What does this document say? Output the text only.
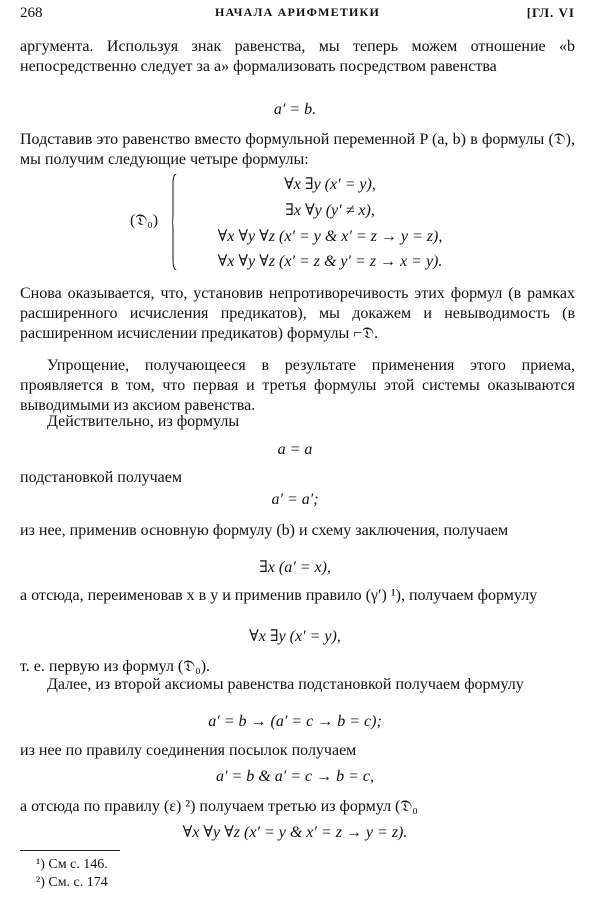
268	НАЧАЛА АРИФМЕТИКИ	[ГЛ. VI

аргумента. Используя знак равенства, мы теперь можем отношение «b непосредственно следует за a» формализовать посредством равенства

a′ = b.

Подставив это равенство вместо формульной переменной P (a, b) в формулы (𝔇), мы получим следующие четыре формулы:

(𝔇₀)
∀x ∃y (x′ = y),
∃x ∀y (y′ ≠ x),
∀x ∀y ∀z (x′ = y & x′ = z → y = z),
∀x ∀y ∀z (x′ = z & y′ = z → x = y).

Снова оказывается, что, установив непротиворечивость этих формул (в рамках расширенного исчисления предикатов), мы докажем и невыводимость (в расширенном исчислении предикатов) формулы ⌐𝔇.

Упрощение, получающееся в результате применения этого приема, проявляется в том, что первая и третья формулы этой системы оказываются выводимыми из аксиом равенства.

Действительно, из формулы

a = a

подстановкой получаем

a′ = a′;

из нее, применив основную формулу (b) и схему заключения, получаем

∃x (a′ = x),

а отсюда, переименовав x в y и применив правило (γ′) ¹), получаем формулу

∀x ∃y (x′ = y),

т. е. первую из формул (𝔇₀).

Далее, из второй аксиомы равенства подстановкой получаем формулу

a′ = b → (a′ = c → b = c);

из нее по правилу соединения посылок получаем

a′ = b & a′ = c → b = c,

а отсюда по правилу (ε) ²) получаем третью из формул (𝔇₀

∀x ∀y ∀z (x′ = y & x′ = z → y = z).
¹) См с. 146.
²) См. с. 174
